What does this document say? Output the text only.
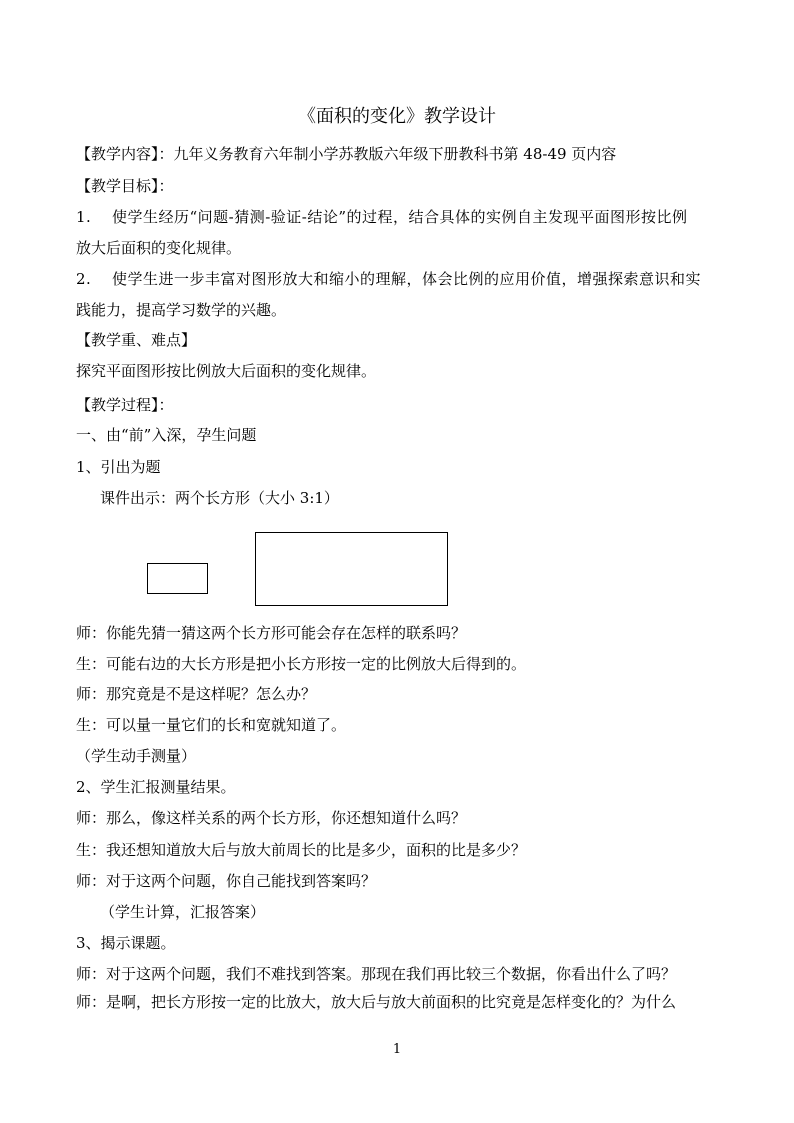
《面积的变化》教学设计
【教学内容】：九年义务教育六年制小学苏教版六年级下册教科书第 48-49 页内容
【教学目标】：
1. 使学生经历“问题-猜测-验证-结论”的过程，结合具体的实例自主发现平面图形按比例
放大后面积的变化规律。
2. 使学生进一步丰富对图形放大和缩小的理解，体会比例的应用价值，增强探索意识和实
践能力，提高学习数学的兴趣。
【教学重、难点】
探究平面图形按比例放大后面积的变化规律。
【教学过程】：
一、由“前”入深，孕生问题
1、引出为题
课件出示：两个长方形（大小 3:1）
师：你能先猜一猜这两个长方形可能会存在怎样的联系吗？
生：可能右边的大长方形是把小长方形按一定的比例放大后得到的。
师：那究竟是不是这样呢？怎么办？
生：可以量一量它们的长和宽就知道了。
（学生动手测量）
2、学生汇报测量结果。
师：那么，像这样关系的两个长方形，你还想知道什么吗？
生：我还想知道放大后与放大前周长的比是多少，面积的比是多少？
师：对于这两个问题，你自己能找到答案吗？
（学生计算，汇报答案）
3、揭示课题。
师：对于这两个问题，我们不难找到答案。那现在我们再比较三个数据，你看出什么了吗？
师：是啊，把长方形按一定的比放大，放大后与放大前面积的比究竟是怎样变化的？为什么
1
